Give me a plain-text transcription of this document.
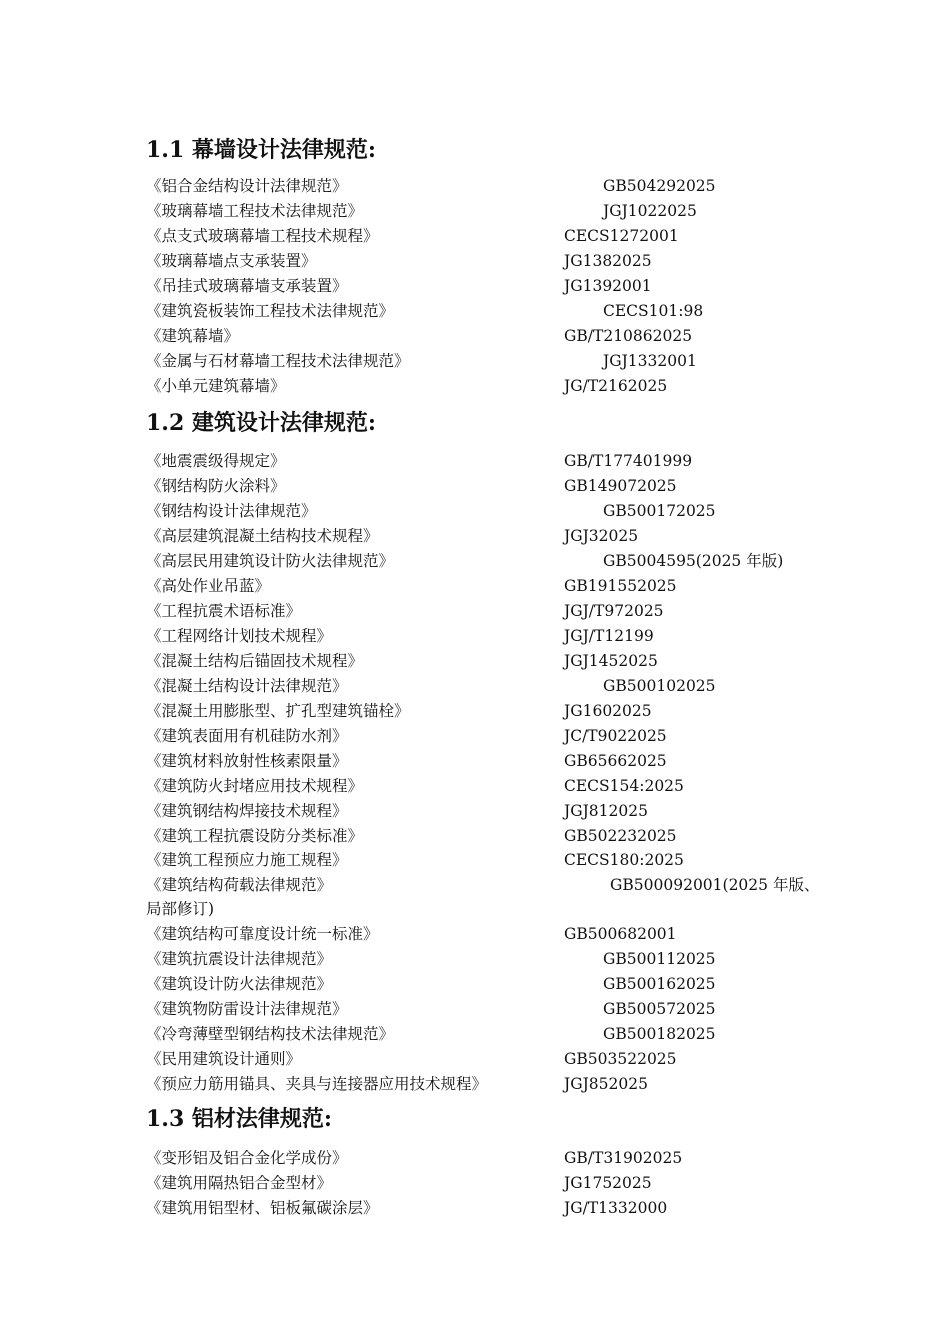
1.1 幕墙设计法律规范:
《铝合金结构设计法律规范》	GB504292025
《玻璃幕墙工程技术法律规范》	JGJ1022025
《点支式玻璃幕墙工程技术规程》	CECS1272001
《玻璃幕墙点支承装置》	JG1382025
《吊挂式玻璃幕墙支承装置》	JG1392001
《建筑瓷板装饰工程技术法律规范》	CECS101:98
《建筑幕墙》	GB/T210862025
《金属与石材幕墙工程技术法律规范》	JGJ1332001
《小单元建筑幕墙》	JG/T2162025
1.2 建筑设计法律规范:
《地震震级得规定》	GB/T177401999
《钢结构防火涂料》	GB149072025
《钢结构设计法律规范》	GB500172025
《高层建筑混凝土结构技术规程》	JGJ32025
《高层民用建筑设计防火法律规范》	GB5004595(2025 年版)
《高处作业吊蓝》	GB191552025
《工程抗震术语标准》	JGJ/T972025
《工程网络计划技术规程》	JGJ/T12199
《混凝土结构后锚固技术规程》	JGJ1452025
《混凝土结构设计法律规范》	GB500102025
《混凝土用膨胀型、扩孔型建筑锚栓》	JG1602025
《建筑表面用有机硅防水剂》	JC/T9022025
《建筑材料放射性核素限量》	GB65662025
《建筑防火封堵应用技术规程》	CECS154:2025
《建筑钢结构焊接技术规程》	JGJ812025
《建筑工程抗震设防分类标准》	GB502232025
《建筑工程预应力施工规程》	CECS180:2025
《建筑结构荷载法律规范》	GB500092001(2025 年版、
局部修订)
《建筑结构可靠度设计统一标准》	GB500682001
《建筑抗震设计法律规范》	GB500112025
《建筑设计防火法律规范》	GB500162025
《建筑物防雷设计法律规范》	GB500572025
《冷弯薄壁型钢结构技术法律规范》	GB500182025
《民用建筑设计通则》	GB503522025
《预应力筋用锚具、夹具与连接器应用技术规程》	JGJ852025
1.3 铝材法律规范:
《变形铝及铝合金化学成份》	GB/T31902025
《建筑用隔热铝合金型材》	JG1752025
《建筑用铝型材、铝板氟碳涂层》	JG/T1332000
